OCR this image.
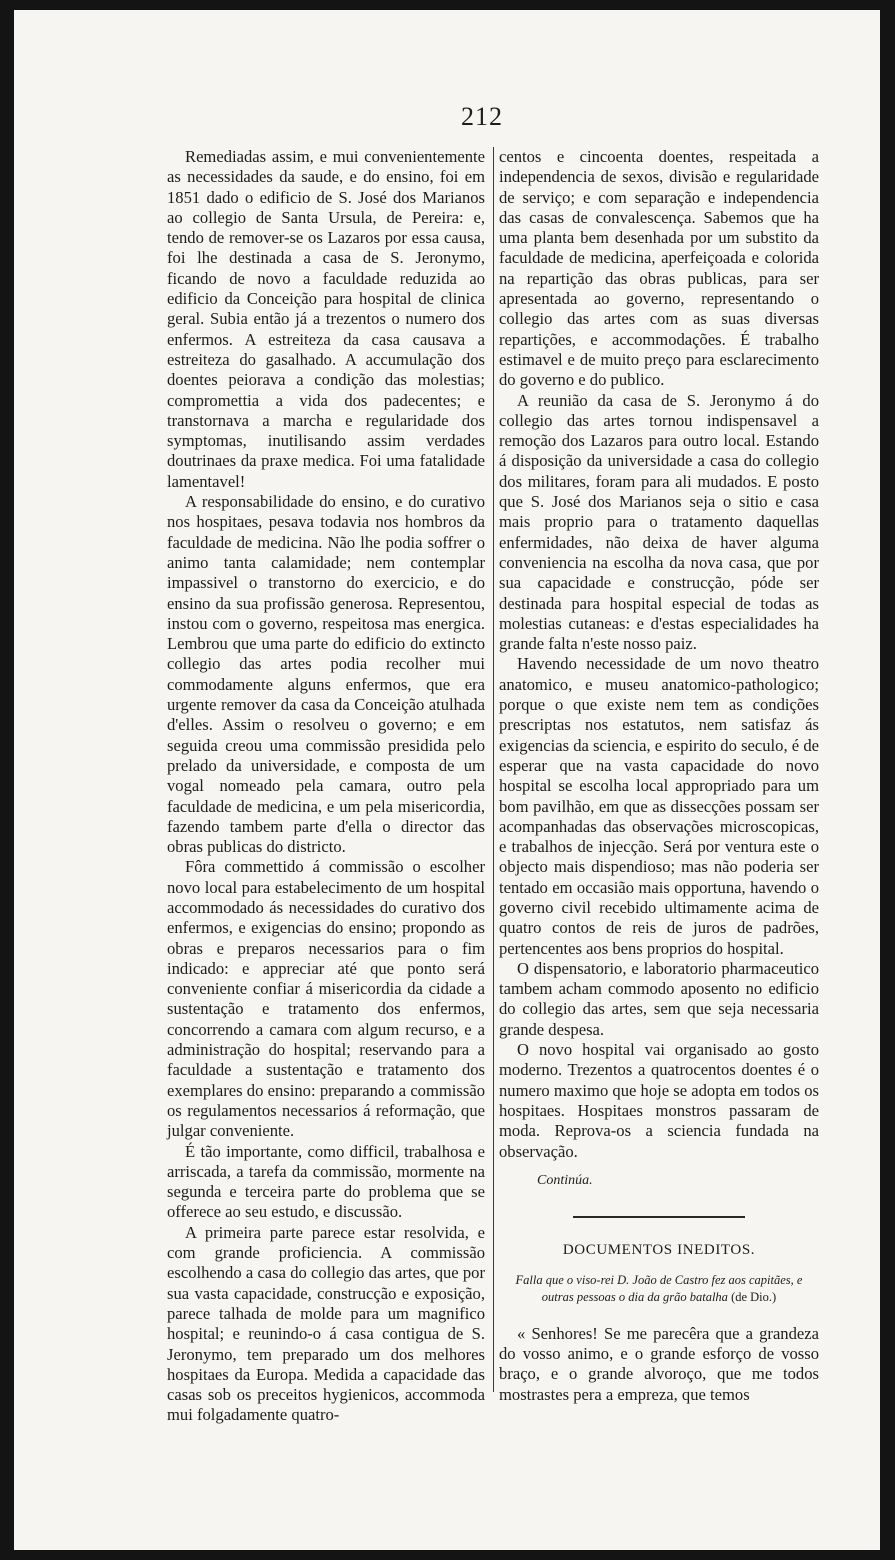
212

Remediadas assim, e mui convenientemente as necessidades da saude, e do ensino, foi em 1851 dado o edificio de S. José dos Marianos ao collegio de Santa Ursula, de Pereira: e, tendo de remover-se os Lazaros por essa causa, foi lhe destinada a casa de S. Jeronymo, ficando de novo a faculdade reduzida ao edificio da Conceição para hospital de clinica geral. Subia então já a trezentos o numero dos enfermos. A estreiteza da casa causava a estreiteza do gasalhado. A accumulação dos doentes peiorava a condição das molestias; compromettia a vida dos padecentes; e transtornava a marcha e regularidade dos symptomas, inutilisando assim verdades doutrinaes da praxe medica. Foi uma fatalidade lamentavel!

A responsabilidade do ensino, e do curativo nos hospitaes, pesava todavia nos hombros da faculdade de medicina. Não lhe podia soffrer o animo tanta calamidade; nem contemplar impassivel o transtorno do exercicio, e do ensino da sua profissão generosa. Representou, instou com o governo, respeitosa mas energica. Lembrou que uma parte do edificio do extincto collegio das artes podia recolher mui commodamente alguns enfermos, que era urgente remover da casa da Conceição atulhada d'elles. Assim o resolveu o governo; e em seguida creou uma commissão presidida pelo prelado da universidade, e composta de um vogal nomeado pela camara, outro pela faculdade de medicina, e um pela misericordia, fazendo tambem parte d'ella o director das obras publicas do districto.

Fôra commettido á commissão o escolher novo local para estabelecimento de um hospital accommodado ás necessidades do curativo dos enfermos, e exigencias do ensino; propondo as obras e preparos necessarios para o fim indicado: e appreciar até que ponto será conveniente confiar á misericordia da cidade a sustentação e tratamento dos enfermos, concorrendo a camara com algum recurso, e a administração do hospital; reservando para a faculdade a sustentação e tratamento dos exemplares do ensino: preparando a commissão os regulamentos necessarios á reformação, que julgar conveniente.

É tão importante, como difficil, trabalhosa e arriscada, a tarefa da commissão, mormente na segunda e terceira parte do problema que se offerece ao seu estudo, e discussão.

A primeira parte parece estar resolvida, e com grande proficiencia. A commissão escolhendo a casa do collegio das artes, que por sua vasta capacidade, construcção e exposição, parece talhada de molde para um magnifico hospital; e reunindo-o á casa contigua de S. Jeronymo, tem preparado um dos melhores hospitaes da Europa. Medida a capacidade das casas sob os preceitos hygienicos, accommoda mui folgadamente quatro-

centos e cincoenta doentes, respeitada a independencia de sexos, divisão e regularidade de serviço; e com separação e independencia das casas de convalescença. Sabemos que ha uma planta bem desenhada por um substito da faculdade de medicina, aperfeiçoada e colorida na repartição das obras publicas, para ser apresentada ao governo, representando o collegio das artes com as suas diversas repartições, e accommodações. É trabalho estimavel e de muito preço para esclarecimento do governo e do publico.

A reunião da casa de S. Jeronymo á do collegio das artes tornou indispensavel a remoção dos Lazaros para outro local. Estando á disposição da universidade a casa do collegio dos militares, foram para ali mudados. E posto que S. José dos Marianos seja o sitio e casa mais proprio para o tratamento daquellas enfermidades, não deixa de haver alguma conveniencia na escolha da nova casa, que por sua capacidade e construcção, póde ser destinada para hospital especial de todas as molestias cutaneas: e d'estas especialidades ha grande falta n'este nosso paiz.

Havendo necessidade de um novo theatro anatomico, e museu anatomico-pathologico; porque o que existe nem tem as condições prescriptas nos estatutos, nem satisfaz ás exigencias da sciencia, e espirito do seculo, é de esperar que na vasta capacidade do novo hospital se escolha local appropriado para um bom pavilhão, em que as dissecções possam ser acompanhadas das observações microscopicas, e trabalhos de injecção. Será por ventura este o objecto mais dispendioso; mas não poderia ser tentado em occasião mais opportuna, havendo o governo civil recebido ultimamente acima de quatro contos de reis de juros de padrões, pertencentes aos bens proprios do hospital.

O dispensatorio, e laboratorio pharmaceutico tambem acham commodo aposento no edificio do collegio das artes, sem que seja necessaria grande despesa.

O novo hospital vai organisado ao gosto moderno. Trezentos a quatrocentos doentes é o numero maximo que hoje se adopta em todos os hospitaes. Hospitaes monstros passaram de moda. Reprova-os a sciencia fundada na observação.

Continúa.
DOCUMENTOS INEDITOS.
Falla que o viso-rei D. João de Castro fez aos capitães, e outras pessoas o dia da grão batalha (de Dio.)

« Senhores! Se me parecêra que a grandeza do vosso animo, e o grande esforço de vosso braço, e o grande alvoroço, que me todos mostrastes pera a empreza, que temos
